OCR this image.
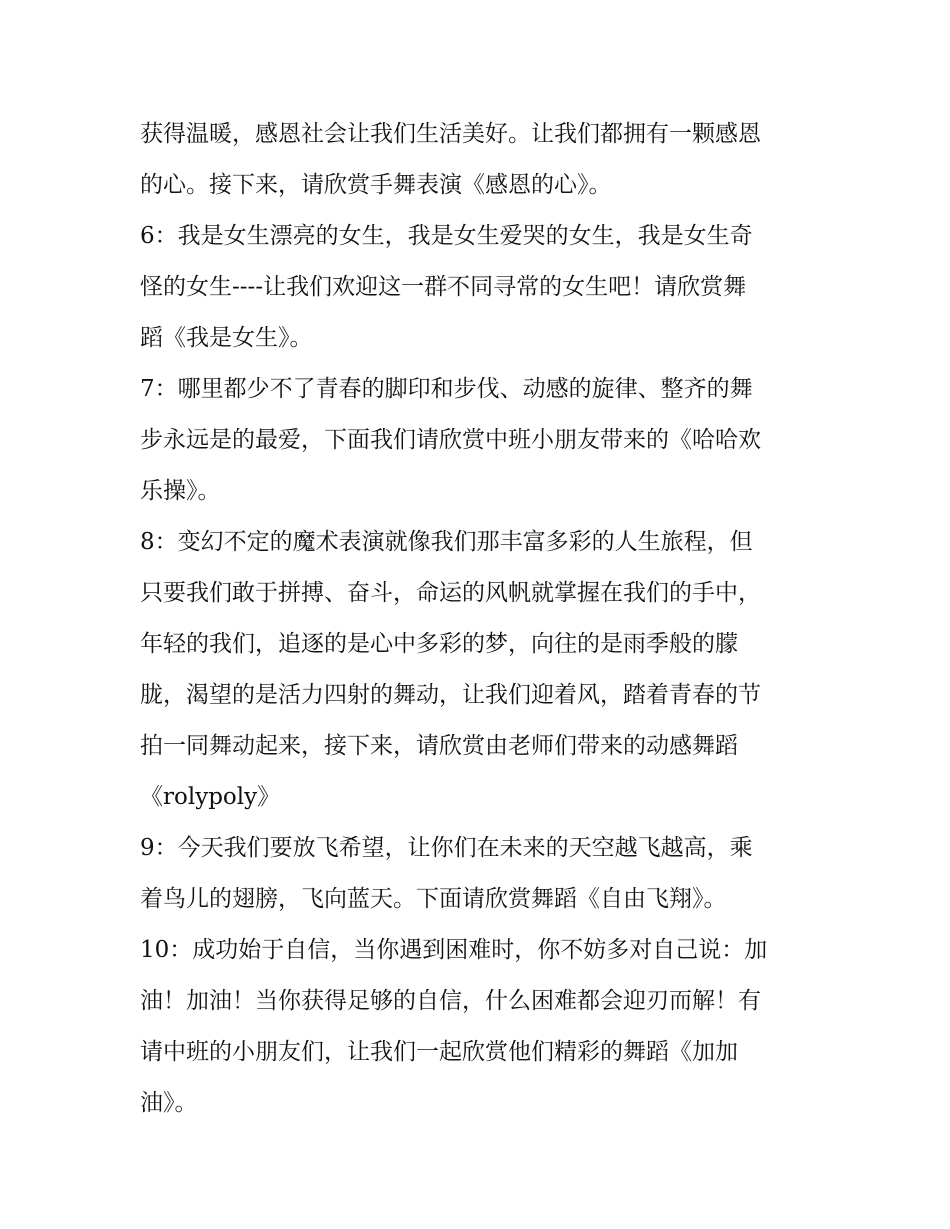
获得温暖，感恩社会让我们生活美好。让我们都拥有一颗感恩
的心。接下来，请欣赏手舞表演《感恩的心》。
6：我是女生漂亮的女生，我是女生爱哭的女生，我是女生奇
怪的女生----让我们欢迎这一群不同寻常的女生吧！请欣赏舞
蹈《我是女生》。
7：哪里都少不了青春的脚印和步伐、动感的旋律、整齐的舞
步永远是的最爱，下面我们请欣赏中班小朋友带来的《哈哈欢
乐操》。
8：变幻不定的魔术表演就像我们那丰富多彩的人生旅程，但
只要我们敢于拼搏、奋斗，命运的风帆就掌握在我们的手中，
年轻的我们，追逐的是心中多彩的梦，向往的是雨季般的朦
胧，渴望的是活力四射的舞动，让我们迎着风，踏着青春的节
拍一同舞动起来，接下来，请欣赏由老师们带来的动感舞蹈
《rolypoly》
9：今天我们要放飞希望，让你们在未来的天空越飞越高，乘
着鸟儿的翅膀，飞向蓝天。下面请欣赏舞蹈《自由飞翔》。
10：成功始于自信，当你遇到困难时，你不妨多对自己说：加
油！加油！当你获得足够的自信，什么困难都会迎刃而解！有
请中班的小朋友们，让我们一起欣赏他们精彩的舞蹈《加加
油》。
